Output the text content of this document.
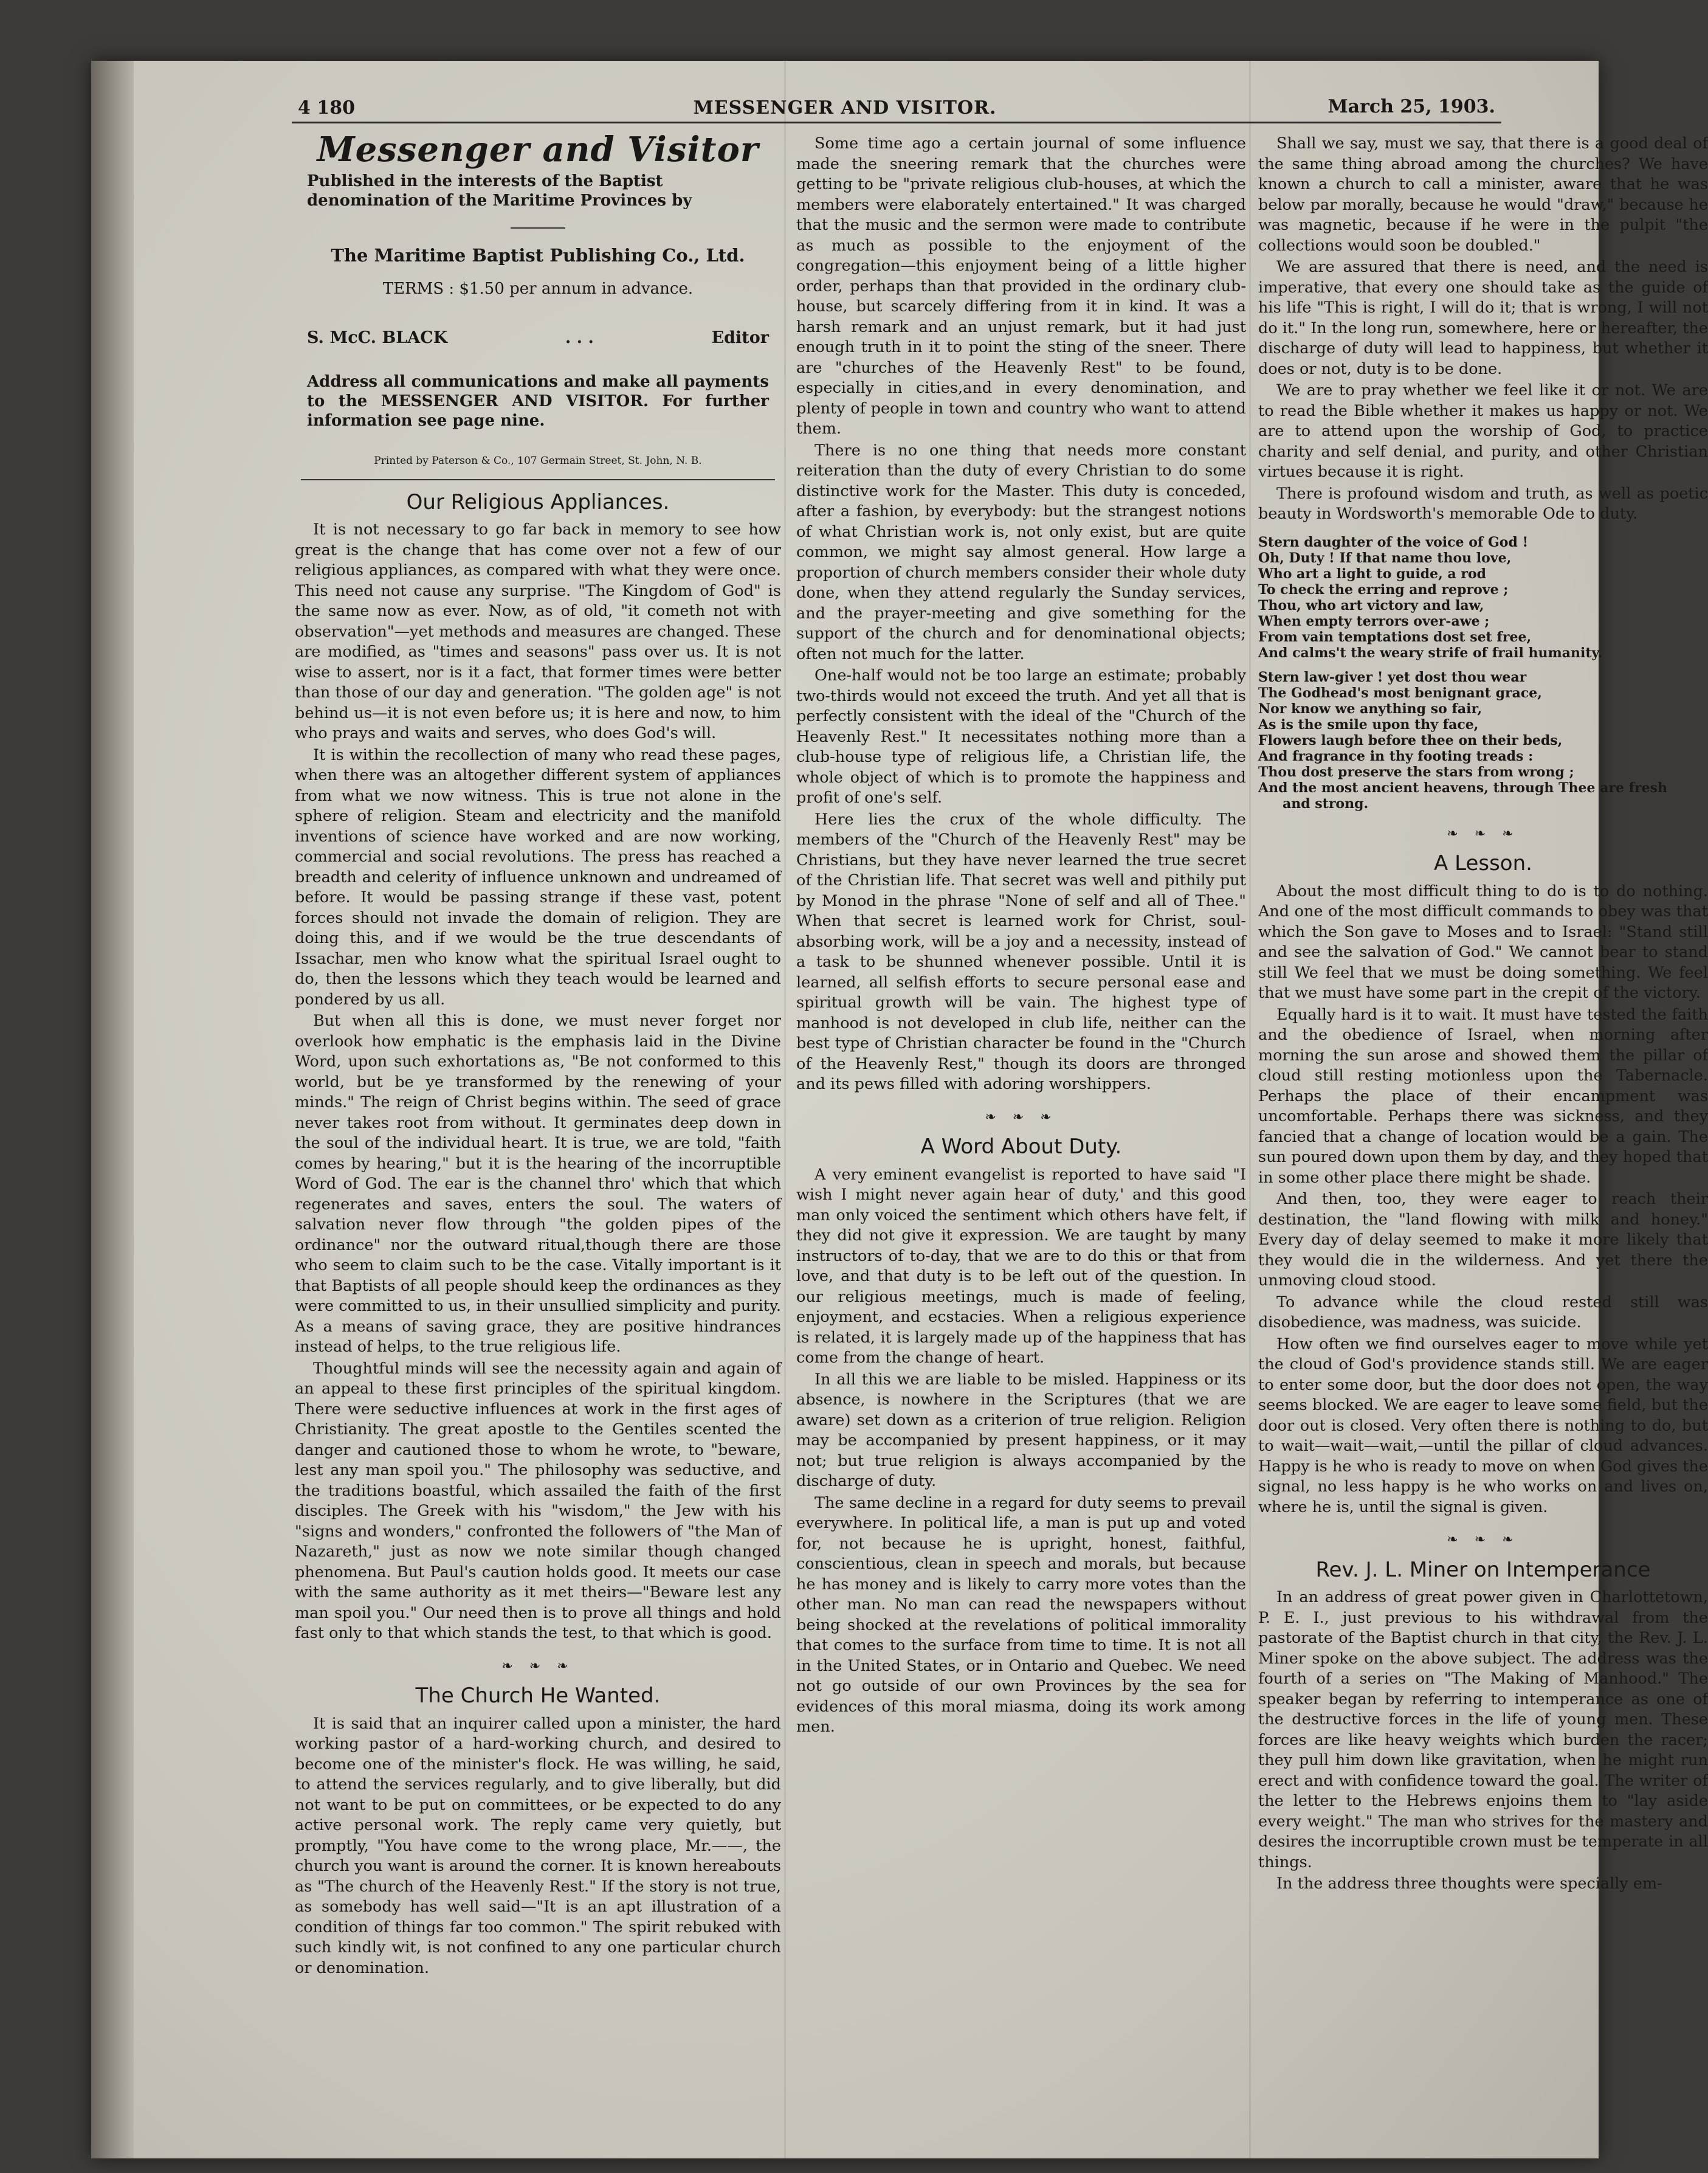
4 180	MESSENGER AND VISITOR.	March 25, 1903.
Messenger and Visitor
Published in the interests of the Baptist denomination of the Maritime Provinces by
The Maritime Baptist Publishing Co., Ltd.
TERMS : $1.50 per annum in advance.
S. McC. BLACK	. . .	Editor
Address all communications and make all payments to the MESSENGER AND VISITOR. For further information see page nine.
Printed by Paterson & Co., 107 Germain Street, St. John, N. B.
Our Religious Appliances.

It is not necessary to go far back in memory to see how great is the change that has come over not a few of our religious appliances, as compared with what they were once. This need not cause any surprise. "The Kingdom of God" is the same now as ever. Now, as of old, "it cometh not with observation"—yet methods and measures are changed. These are modified, as "times and seasons" pass over us. It is not wise to assert, nor is it a fact, that former times were better than those of our day and generation. "The golden age" is not behind us—it is not even before us; it is here and now, to him who prays and waits and serves, who does God's will.

It is within the recollection of many who read these pages, when there was an altogether different system of appliances from what we now witness. This is true not alone in the sphere of religion. Steam and electricity and the manifold inventions of science have worked and are now working, commercial and social revolutions. The press has reached a breadth and celerity of influence unknown and undreamed of before. It would be passing strange if these vast, potent forces should not invade the domain of religion. They are doing this, and if we would be the true descendants of Issachar, men who know what the spiritual Israel ought to do, then the lessons which they teach would be learned and pondered by us all.

But when all this is done, we must never forget nor overlook how emphatic is the emphasis laid in the Divine Word, upon such exhortations as, "Be not conformed to this world, but be ye transformed by the renewing of your minds." The reign of Christ begins within. The seed of grace never takes root from without. It germinates deep down in the soul of the individual heart. It is true, we are told, "faith comes by hearing," but it is the hearing of the incorruptible Word of God. The ear is the channel thro' which that which regenerates and saves, enters the soul. The waters of salvation never flow through "the golden pipes of the ordinance" nor the outward ritual,though there are those who seem to claim such to be the case. Vitally important is it that Baptists of all people should keep the ordinances as they were committed to us, in their unsullied simplicity and purity. As a means of saving grace, they are positive hindrances instead of helps, to the true religious life.

Thoughtful minds will see the necessity again and again of an appeal to these first principles of the spiritual kingdom. There were seductive influences at work in the first ages of Christianity. The great apostle to the Gentiles scented the danger and cautioned those to whom he wrote, to "beware, lest any man spoil you." The philosophy was seductive, and the traditions boastful, which assailed the faith of the first disciples. The Greek with his "wisdom," the Jew with his "signs and wonders," confronted the followers of "the Man of Nazareth," just as now we note similar though changed phenomena. But Paul's caution holds good. It meets our case with the same authority as it met theirs—"Beware lest any man spoil you." Our need then is to prove all things and hold fast only to that which stands the test, to that which is good.

❧ ❧ ❧
The Church He Wanted.

It is said that an inquirer called upon a minister, the hard working pastor of a hard-working church, and desired to become one of the minister's flock. He was willing, he said, to attend the services regularly, and to give liberally, but did not want to be put on committees, or be expected to do any active personal work. The reply came very quietly, but promptly, "You have come to the wrong place, Mr.——, the church you want is around the corner. It is known hereabouts as "The church of the Heavenly Rest." If the story is not true, as somebody has well said—"It is an apt illustration of a condition of things far too common." The spirit rebuked with such kindly wit, is not confined to any one particular church or denomination.

Some time ago a certain journal of some influence made the sneering remark that the churches were getting to be "private religious club-houses, at which the members were elaborately entertained." It was charged that the music and the sermon were made to contribute as much as possible to the enjoyment of the congregation—this enjoyment being of a little higher order, perhaps than that provided in the ordinary club-house, but scarcely differing from it in kind. It was a harsh remark and an unjust remark, but it had just enough truth in it to point the sting of the sneer. There are "churches of the Heavenly Rest" to be found, especially in cities,and in every denomination, and plenty of people in town and country who want to attend them.

There is no one thing that needs more constant reiteration than the duty of every Christian to do some distinctive work for the Master. This duty is conceded, after a fashion, by everybody: but the strangest notions of what Christian work is, not only exist, but are quite common, we might say almost general. How large a proportion of church members consider their whole duty done, when they attend regularly the Sunday services, and the prayer-meeting and give something for the support of the church and for denominational objects; often not much for the latter.

One-half would not be too large an estimate; probably two-thirds would not exceed the truth. And yet all that is perfectly consistent with the ideal of the "Church of the Heavenly Rest." It necessitates nothing more than a club-house type of religious life, a Christian life, the whole object of which is to promote the happiness and profit of one's self.

Here lies the crux of the whole difficulty. The members of the "Church of the Heavenly Rest" may be Christians, but they have never learned the true secret of the Christian life. That secret was well and pithily put by Monod in the phrase "None of self and all of Thee." When that secret is learned work for Christ, soul-absorbing work, will be a joy and a necessity, instead of a task to be shunned whenever possible. Until it is learned, all selfish efforts to secure personal ease and spiritual growth will be vain. The highest type of manhood is not developed in club life, neither can the best type of Christian character be found in the "Church of the Heavenly Rest," though its doors are thronged and its pews filled with adoring worshippers.

❧ ❧ ❧
A Word About Duty.

A very eminent evangelist is reported to have said "I wish I might never again hear of duty,' and this good man only voiced the sentiment which others have felt, if they did not give it expression. We are taught by many instructors of to-day, that we are to do this or that from love, and that duty is to be left out of the question. In our religious meetings, much is made of feeling, enjoyment, and ecstacies. When a religious experience is related, it is largely made up of the happiness that has come from the change of heart.

In all this we are liable to be misled. Happiness or its absence, is nowhere in the Scriptures (that we are aware) set down as a criterion of true religion. Religion may be accompanied by present happiness, or it may not; but true religion is always accompanied by the discharge of duty.

The same decline in a regard for duty seems to prevail everywhere. In political life, a man is put up and voted for, not because he is upright, honest, faithful, conscientious, clean in speech and morals, but because he has money and is likely to carry more votes than the other man. No man can read the newspapers without being shocked at the revelations of political immorality that comes to the surface from time to time. It is not all in the United States, or in Ontario and Quebec. We need not go outside of our own Provinces by the sea for evidences of this moral miasma, doing its work among men.

Shall we say, must we say, that there is a good deal of the same thing abroad among the churches? We have known a church to call a minister, aware that he was below par morally, because he would "draw," because he was magnetic, because if he were in the pulpit "the collections would soon be doubled."

We are assured that there is need, and the need is imperative, that every one should take as the guide of his life "This is right, I will do it; that is wrong, I will not do it." In the long run, somewhere, here or hereafter, the discharge of duty will lead to happiness, but whether it does or not, duty is to be done.

We are to pray whether we feel like it or not. We are to read the Bible whether it makes us happy or not. We are to attend upon the worship of God, to practice charity and self denial, and purity, and other Christian virtues because it is right.

There is profound wisdom and truth, as well as poetic beauty in Wordsworth's memorable Ode to duty.

Stern daughter of the voice of God !
Oh, Duty ! If that name thou love,
Who art a light to guide, a rod
To check the erring and reprove ;
Thou, who art victory and law,
When empty terrors over-awe ;
From vain temptations dost set free,
And calms't the weary strife of frail humanity.
Stern law-giver ! yet dost thou wear
The Godhead's most benignant grace,
Nor know we anything so fair,
As is the smile upon thy face,
Flowers laugh before thee on their beds,
And fragrance in thy footing treads :
Thou dost preserve the stars from wrong ;
And the most ancient heavens, through Thee are fresh
and strong.
❧ ❧ ❧
A Lesson.

About the most difficult thing to do is to do nothing. And one of the most difficult commands to obey was that which the Son gave to Moses and to Israel: "Stand still and see the salvation of God." We cannot bear to stand still We feel that we must be doing something. We feel that we must have some part in the crepit of the victory.

Equally hard is it to wait. It must have tested the faith and the obedience of Israel, when morning after morning the sun arose and showed them the pillar of cloud still resting motionless upon the Tabernacle. Perhaps the place of their encampment was uncomfortable. Perhaps there was sickness, and they fancied that a change of location would be a gain. The sun poured down upon them by day, and they hoped that in some other place there might be shade.

And then, too, they were eager to reach their destination, the "land flowing with milk and honey." Every day of delay seemed to make it more likely that they would die in the wilderness. And yet there the unmoving cloud stood.

To advance while the cloud rested still was disobedience, was madness, was suicide.

How often we find ourselves eager to move while yet the cloud of God's providence stands still. We are eager to enter some door, but the door does not open, the way seems blocked. We are eager to leave some field, but the door out is closed. Very often there is nothing to do, but to wait—wait—wait,—until the pillar of cloud advances. Happy is he who is ready to move on when God gives the signal, no less happy is he who works on and lives on, where he is, until the signal is given.

❧ ❧ ❧
Rev. J. L. Miner on Intemperance

In an address of great power given in Charlottetown, P. E. I., just previous to his withdrawal from the pastorate of the Baptist church in that city, the Rev. J. L. Miner spoke on the above subject. The address was the fourth of a series on "The Making of Manhood." The speaker began by referring to intemperance as one of the destructive forces in the life of young men. These forces are like heavy weights which burden the racer; they pull him down like gravitation, when he might run erect and with confidence toward the goal. The writer of the letter to the Hebrews enjoins them to "lay aside every weight." The man who strives for the mastery and desires the incorruptible crown must be temperate in all things.

In the address three thoughts were specially em-
